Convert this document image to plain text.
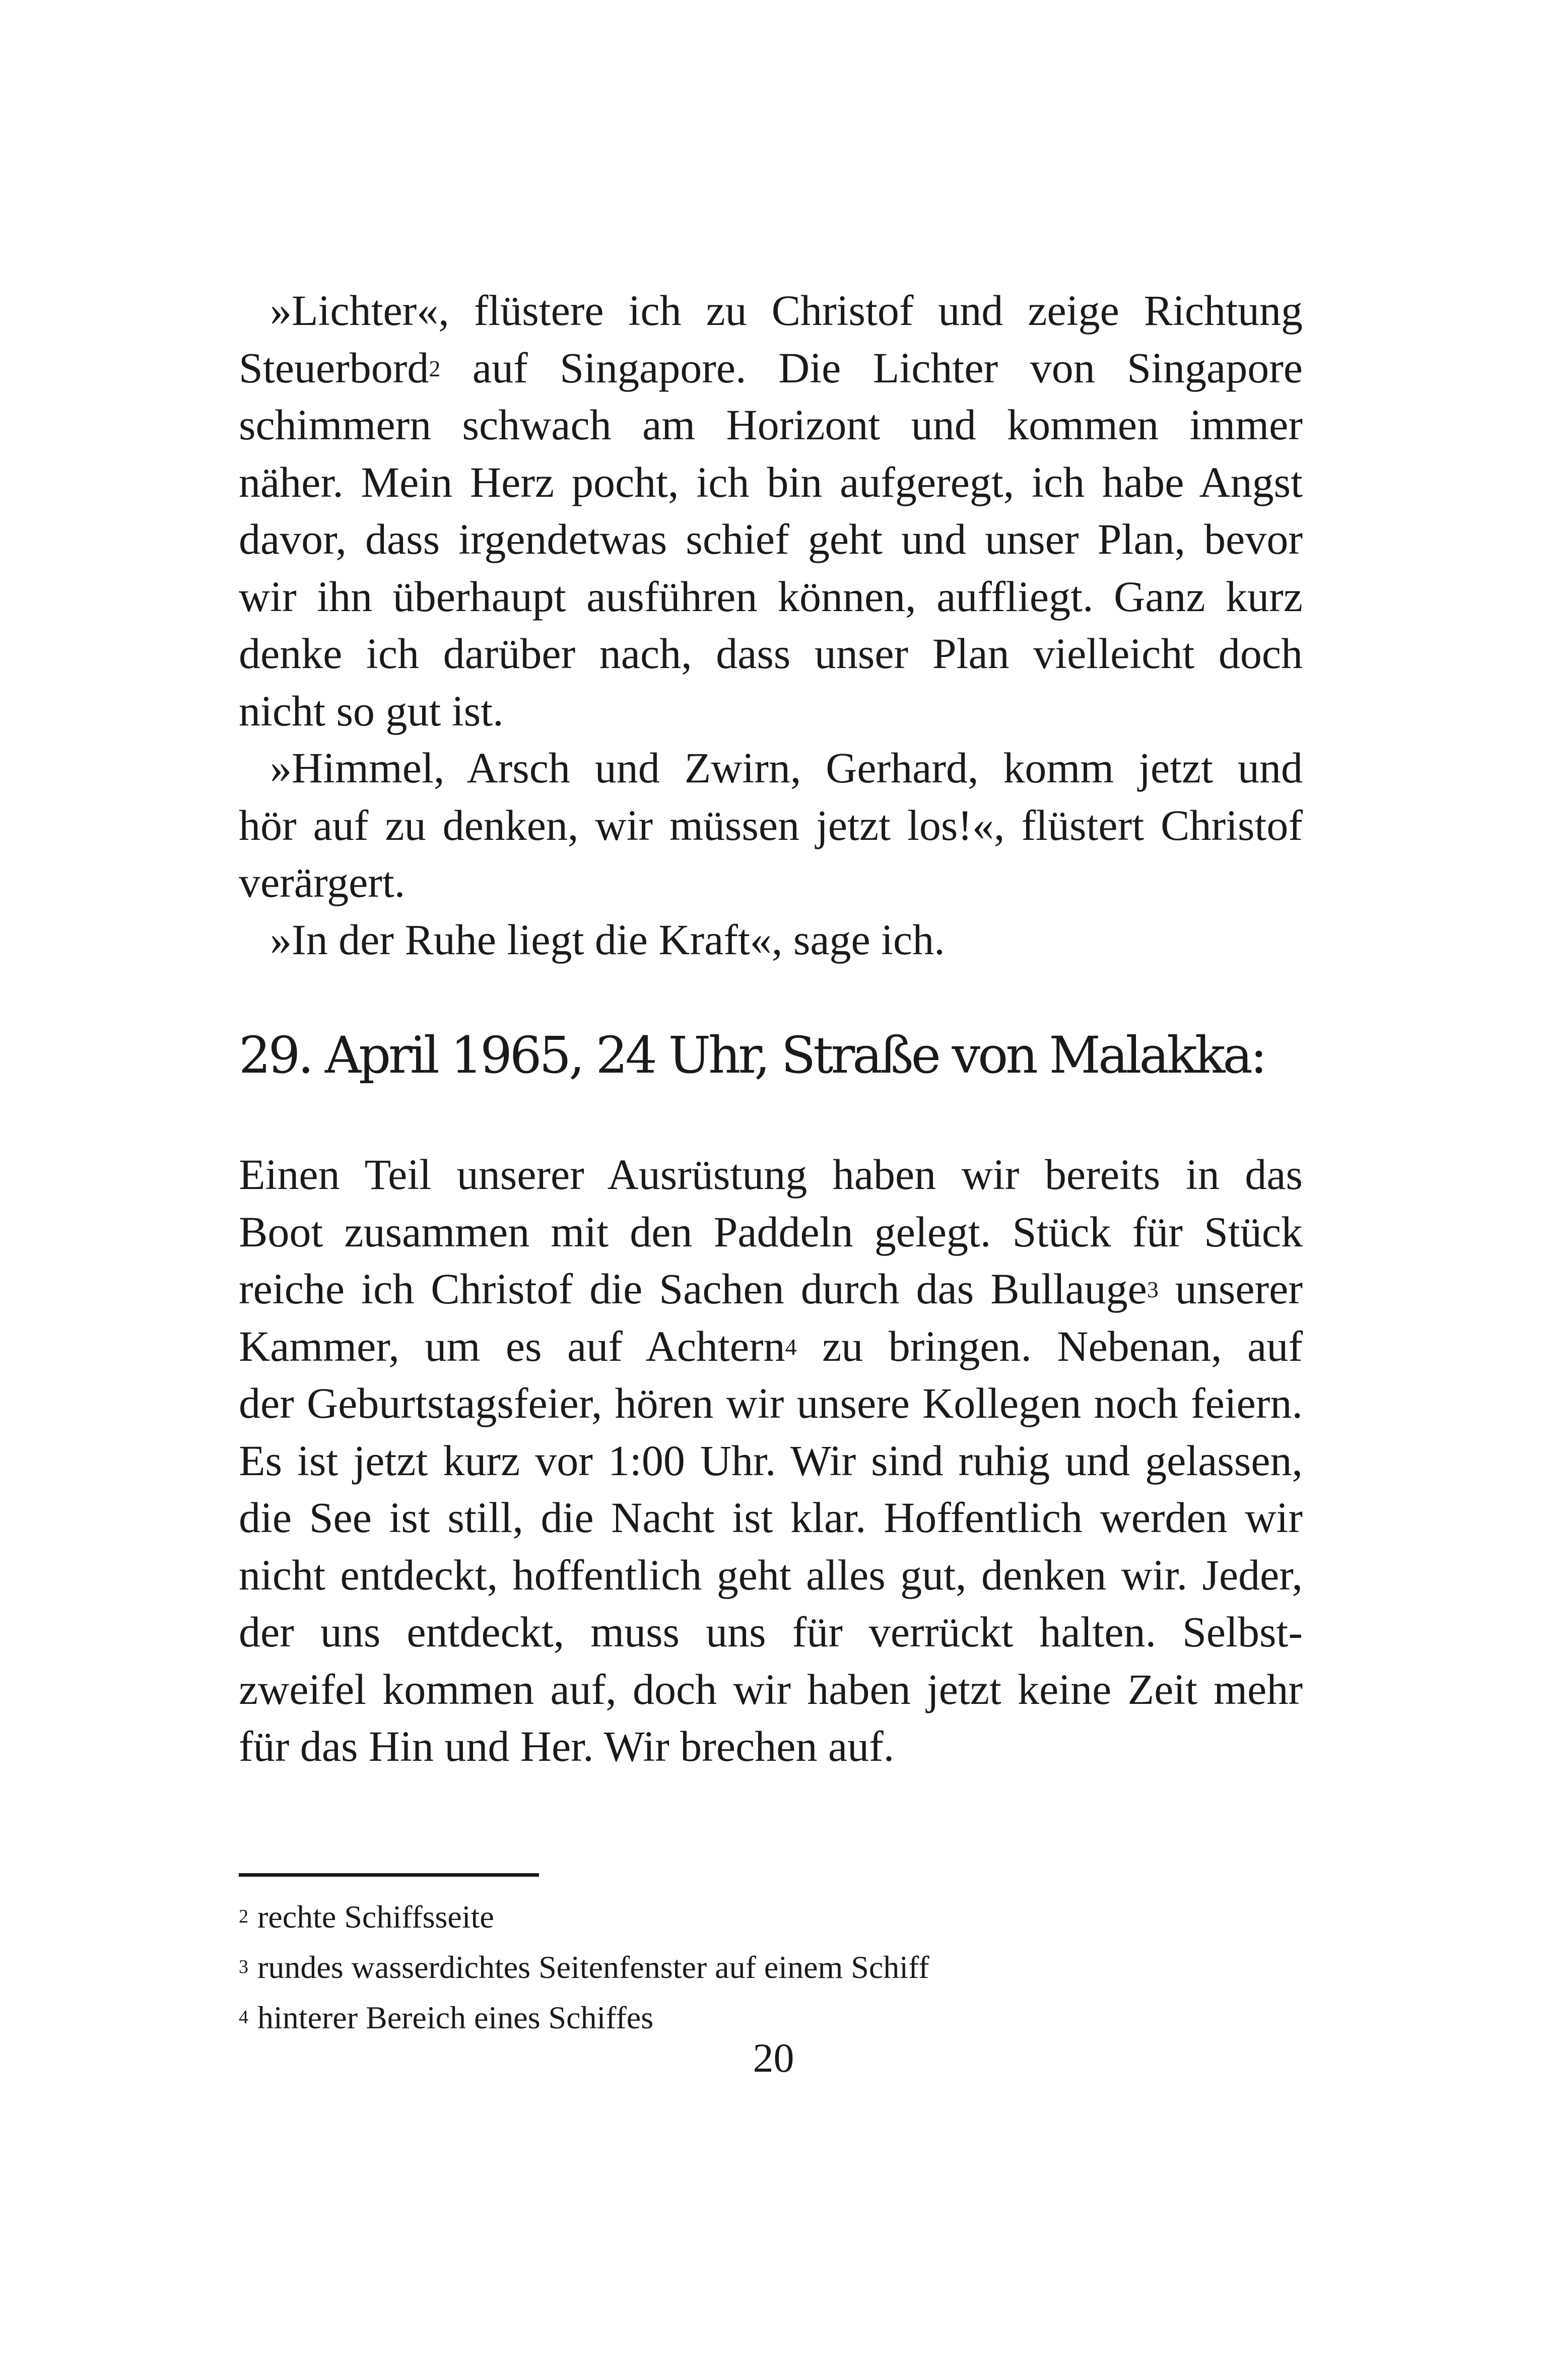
»Lichter«, flüstere ich zu Christof und zeige Richtung
Steuerbord$^2$ auf Singapore. Die Lichter von Singapore
schimmern schwach am Horizont und kommen immer
näher. Mein Herz pocht, ich bin aufgeregt, ich habe Angst
davor, dass irgendetwas schief geht und unser Plan, bevor
wir ihn überhaupt ausführen können, auffliegt. Ganz kurz
denke ich darüber nach, dass unser Plan vielleicht doch
nicht so gut ist.
»Himmel, Arsch und Zwirn, Gerhard, komm jetzt und
hör auf zu denken, wir müssen jetzt los!«, flüstert Christof
verärgert.
»In der Ruhe liegt die Kraft«, sage ich.
29. April 1965, 24 Uhr, Straße von Malakka:
Einen Teil unserer Ausrüstung haben wir bereits in das
Boot zusammen mit den Paddeln gelegt. Stück für Stück
reiche ich Christof die Sachen durch das Bullauge$^3$ unserer
Kammer, um es auf Achtern$^4$ zu bringen. Nebenan, auf
der Geburtstagsfeier, hören wir unsere Kollegen noch feiern.
Es ist jetzt kurz vor 1:00 Uhr. Wir sind ruhig und gelassen,
die See ist still, die Nacht ist klar. Hoffentlich werden wir
nicht entdeckt, hoffentlich geht alles gut, denken wir. Jeder,
der uns entdeckt, muss uns für verrückt halten. Selbst-
zweifel kommen auf, doch wir haben jetzt keine Zeit mehr
für das Hin und Her. Wir brechen auf.
$^2$ rechte Schiffsseite
$^3$ rundes wasserdichtes Seitenfenster auf einem Schiff
$^4$ hinterer Bereich eines Schiffes
20
